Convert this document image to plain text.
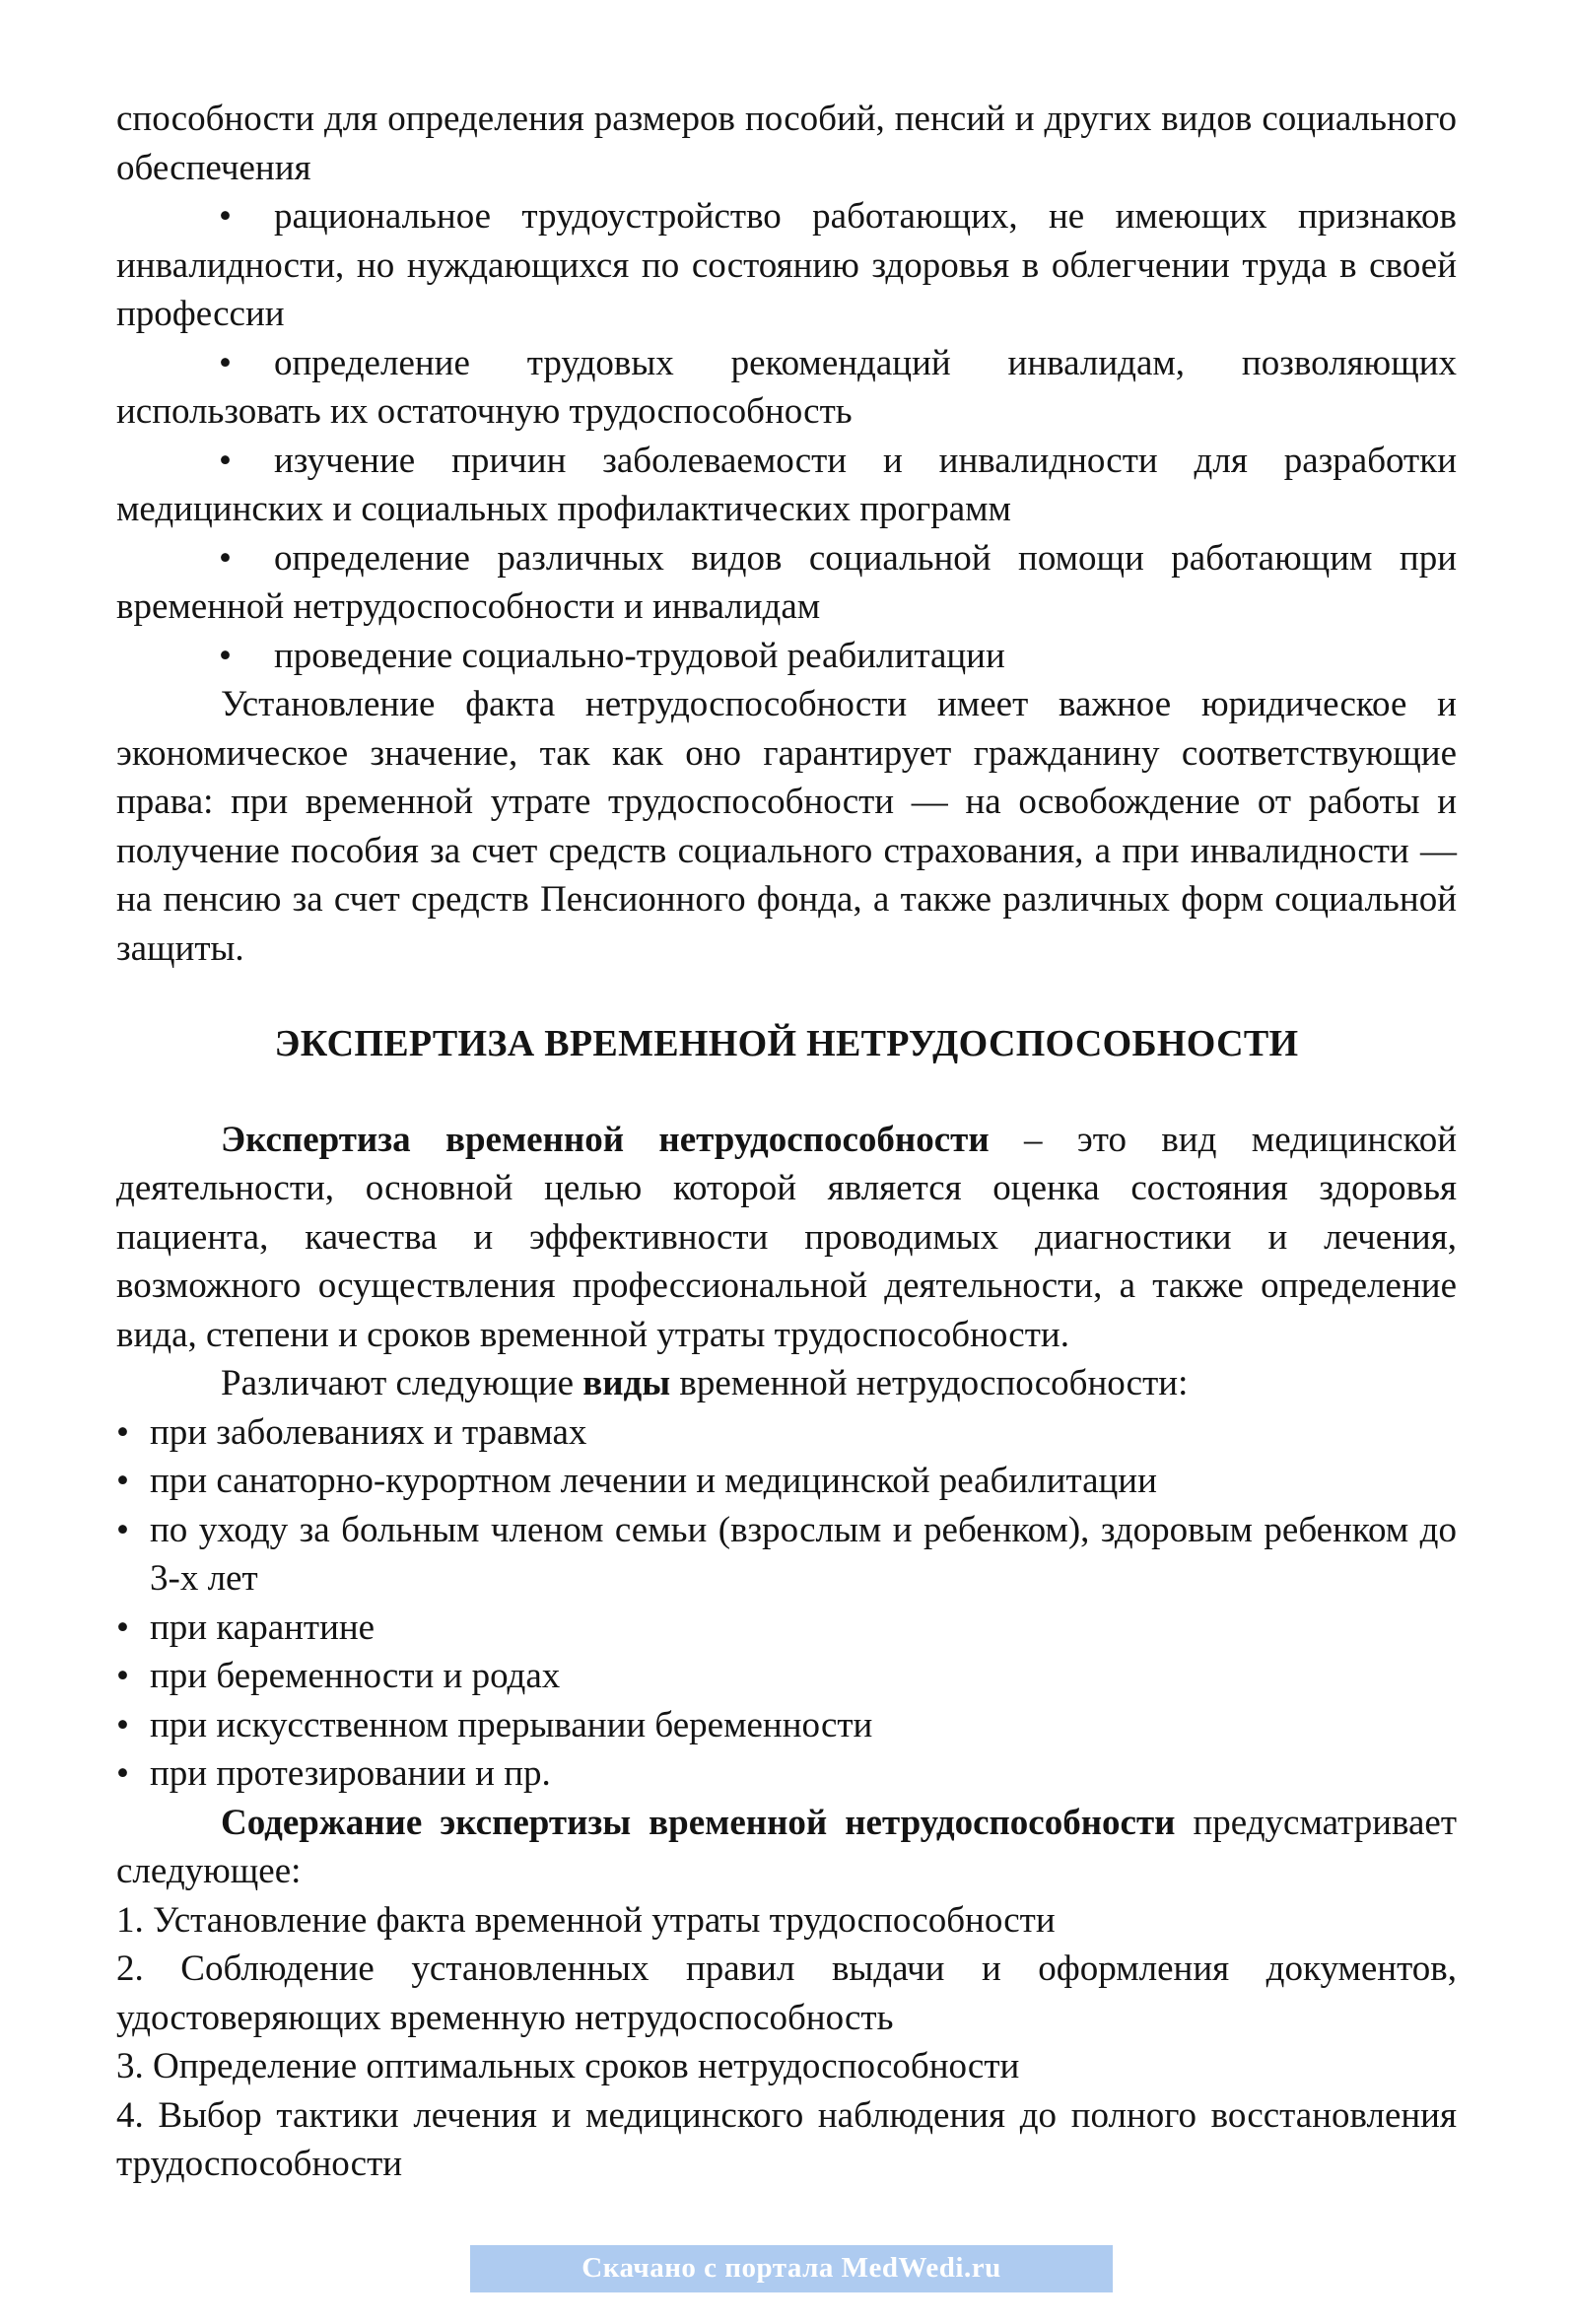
способности для определения размеров пособий, пенсий и других видов социального обеспечения

• рациональное трудоустройство работающих, не имеющих признаков инвалидности, но нуждающихся по состоянию здоровья в облегчении труда в своей профессии

• определение трудовых рекомендаций инвалидам, позволяющих использовать их остаточную трудоспособность

• изучение причин заболеваемости и инвалидности для разработки медицинских и социальных профилактических программ

• определение различных видов социальной помощи работающим при временной нетрудоспособности и инвалидам

• проведение социально-трудовой реабилитации

Установление факта нетрудоспособности имеет важное юридическое и экономическое значение, так как оно гарантирует гражданину соответствующие права: при временной утрате трудоспособности — на освобождение от работы и получение пособия за счет средств социального страхования, а при инвалидности — на пенсию за счет средств Пенсионного фонда, а также различных форм социальной защиты.

ЭКСПЕРТИЗА ВРЕМЕННОЙ НЕТРУДОСПОСОБНОСТИ

Экспертиза временной нетрудоспособности – это вид медицинской деятельности, основной целью которой является оценка состояния здоровья пациента, качества и эффективности проводимых диагностики и лечения, возможного осуществления профессиональной деятельности, а также определение вида, степени и сроков временной утраты трудоспособности.

Различают следующие виды временной нетрудоспособности:

• при заболеваниях и травмах
• при санаторно-курортном лечении и медицинской реабилитации
• по уходу за больным членом семьи (взрослым и ребенком), здоровым ребенком до 3-х лет
• при карантине
• при беременности и родах
• при искусственном прерывании беременности
• при протезировании и пр.

Содержание экспертизы временной нетрудоспособности предусматривает следующее:

1. Установление факта временной утраты трудоспособности

2. Соблюдение установленных правил выдачи и оформления документов, удостоверяющих временную нетрудоспособность

3. Определение оптимальных сроков нетрудоспособности

4. Выбор тактики лечения и медицинского наблюдения до полного восстановления трудоспособности

Скачано с портала MedWedi.ru
